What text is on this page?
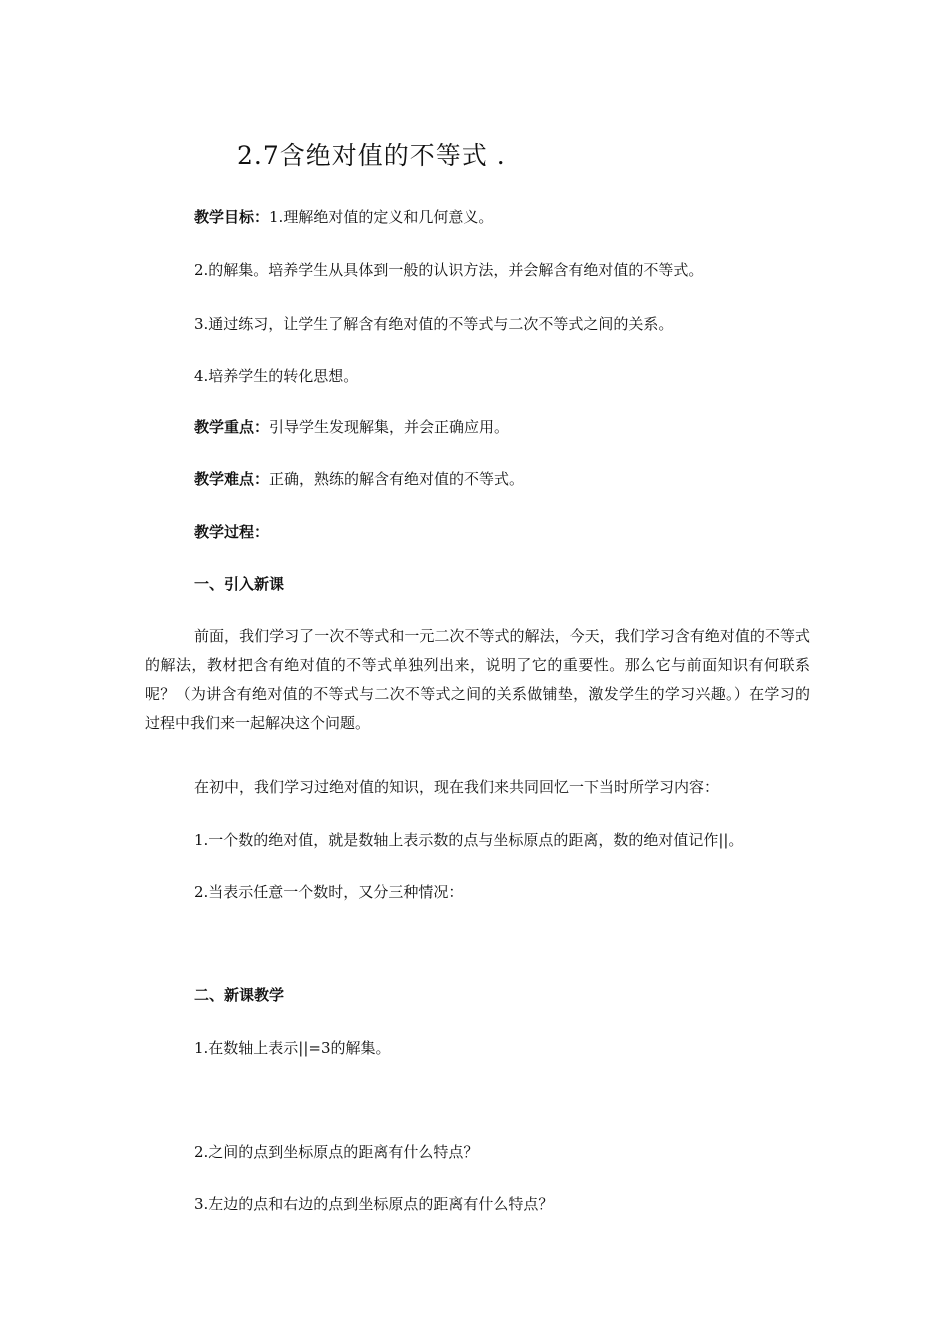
2.7含绝对值的不等式 .
教学目标：1.理解绝对值的定义和几何意义。
2.的解集。培养学生从具体到一般的认识方法，并会解含有绝对值的不等式。
3.通过练习，让学生了解含有绝对值的不等式与二次不等式之间的关系。
4.培养学生的转化思想。
教学重点：引导学生发现解集，并会正确应用。
教学难点：正确，熟练的解含有绝对值的不等式。
教学过程：
一、引入新课

前面，我们学习了一次不等式和一元二次不等式的解法，今天，我们学习含有绝对值的不等式的解法，教材把含有绝对值的不等式单独列出来，说明了它的重要性。那么它与前面知识有何联系呢？（为讲含有绝对值的不等式与二次不等式之间的关系做铺垫，激发学生的学习兴趣。）在学习的过程中我们来一起解决这个问题。

在初中，我们学习过绝对值的知识，现在我们来共同回忆一下当时所学习内容：
1.一个数的绝对值，就是数轴上表示数的点与坐标原点的距离，数的绝对值记作||。
2.当表示任意一个数时，又分三种情况：
二、新课教学
1.在数轴上表示||=3的解集。
2.之间的点到坐标原点的距离有什么特点？
3.左边的点和右边的点到坐标原点的距离有什么特点？
